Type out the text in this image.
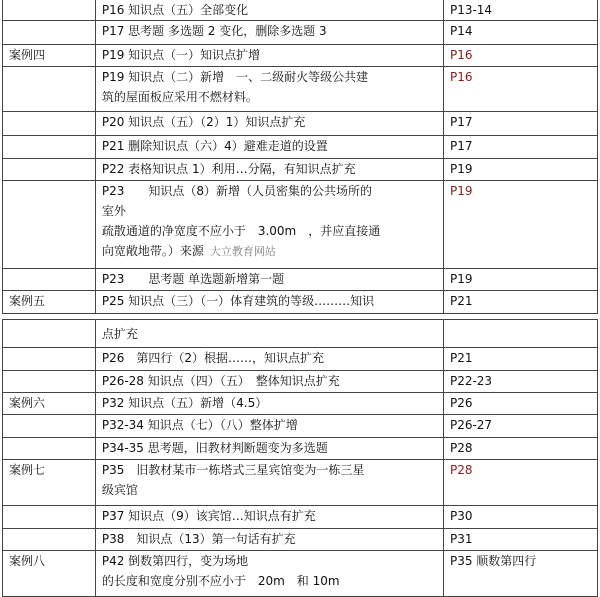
	P16 知识点（五）全部变化	P13-14
	P17 思考题 多选题 2 变化，删除多选题 3	P14
案例四	P19 知识点（一）知识点扩增	P16

	P19 知识点（二）新增　一、二级耐火等级公共建
筑的屋面板应采用不燃材料。	P16
	P20 知识点（五）（2）1）知识点扩充	P17
	P21 删除知识点（六）4）避难走道的设置	P17
	P22 表格知识点 1）利用…分隔，有知识点扩充	P19

	P23　　知识点（8）新增（人员密集的公共场所的
室外
疏散通道的净宽度不应小于　3.00m　，并应直接通
向宽敞地带。）来源  大立教育网站	P19
	P23　　思考题 单选题新增第一题	P19
案例五	P25 知识点（三）（一）体育建筑的等级………知识	P21
	点扩充	
	P26　第四行（2）根据……，知识点扩充	P21
	P26-28 知识点（四）（五）　整体知识点扩充	P22-23
案例六	P32 知识点（五）新增（4.5）	P26
	P32-34 知识点（七）（八）整体扩增	P26-27
	P34-35 思考题，旧教材判断题变为多选题	P28
案例七	P35　旧教材某市一栋塔式三星宾馆变为一栋三星
级宾馆	P28
	P37 知识点（9）该宾馆…知识点有扩充	P30
	P38　知识点（13）第一句话有扩充	P31
案例八	P42 倒数第四行，变为场地
的长度和宽度分别不应小于　20m　和 10m	P35 顺数第四行
